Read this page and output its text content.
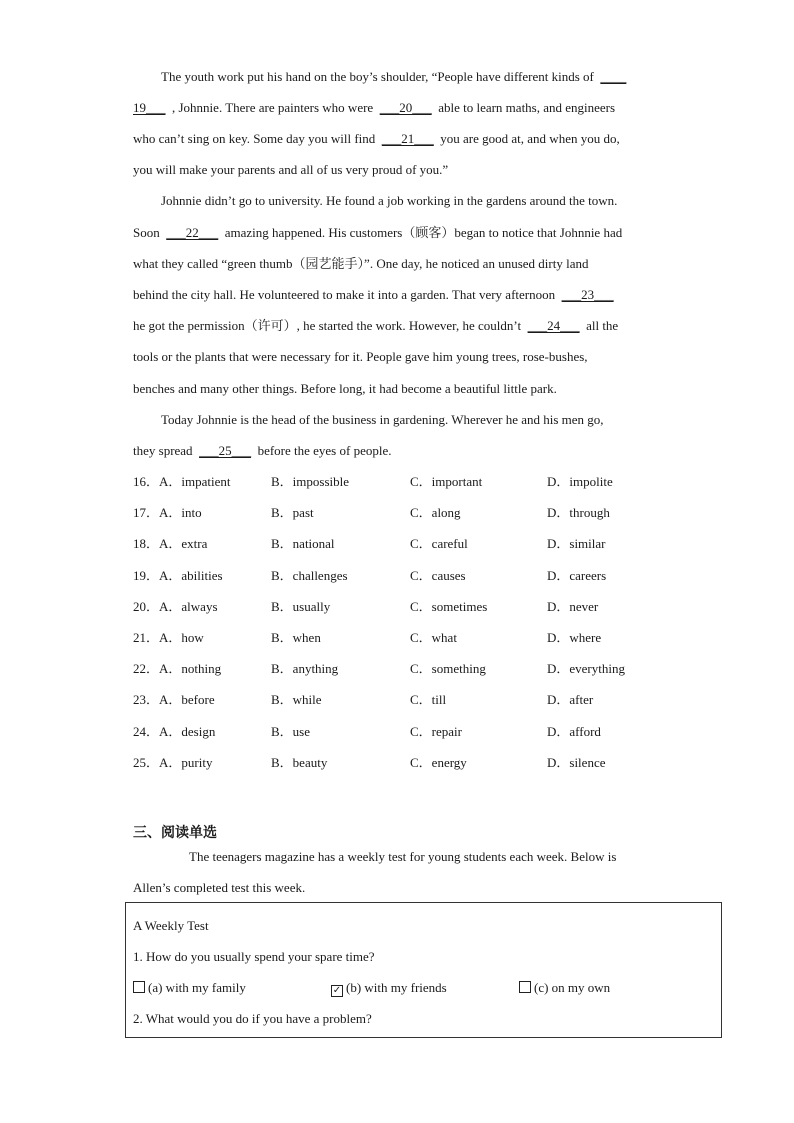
The youth work put his hand on the boy’s shoulder, “People have different kinds of ____
19___ , Johnnie. There are painters who were ___20___ able to learn maths, and engineers
who can’t sing on key. Some day you will find ___21___ you are good at, and when you do,
you will make your parents and all of us very proud of you.”
Johnnie didn’t go to university. He found a job working in the gardens around the town.
Soon ___22___ amazing happened. His customers（顾客）began to notice that Johnnie had
what they called “green thumb（园艺能手）”. One day, he noticed an unused dirty land
behind the city hall. He volunteered to make it into a garden. That very afternoon ___23___
he got the permission（许可）, he started the work. However, he couldn’t ___24___ all the
tools or the plants that were necessary for it. People gave him young trees, rose-bushes,
benches and many other things. Before long, it had become a beautiful little park.
Today Johnnie is the head of the business in gardening. Wherever he and his men go,
they spread ___25___ before the eyes of people.
16．A．impatient	B．impossible	C．important	D．impolite
17．A．into	B．past	C．along	D．through
18．A．extra	B．national	C．careful	D．similar
19．A．abilities	B．challenges	C．causes	D．careers
20．A．always	B．usually	C．sometimes	D．never
21．A．how	B．when	C．what	D．where
22．A．nothing	B．anything	C．something	D．everything
23．A．before	B．while	C．till	D．after
24．A．design	B．use	C．repair	D．afford
25．A．purity	B．beauty	C．energy	D．silence
三、阅读单选
The teenagers magazine has a weekly test for young students each week. Below is
Allen’s completed test this week.
A Weekly Test
1. How do you usually spend your spare time?
(a) with my family	✓ (b) with my friends	(c) on my own
2. What would you do if you have a problem?
